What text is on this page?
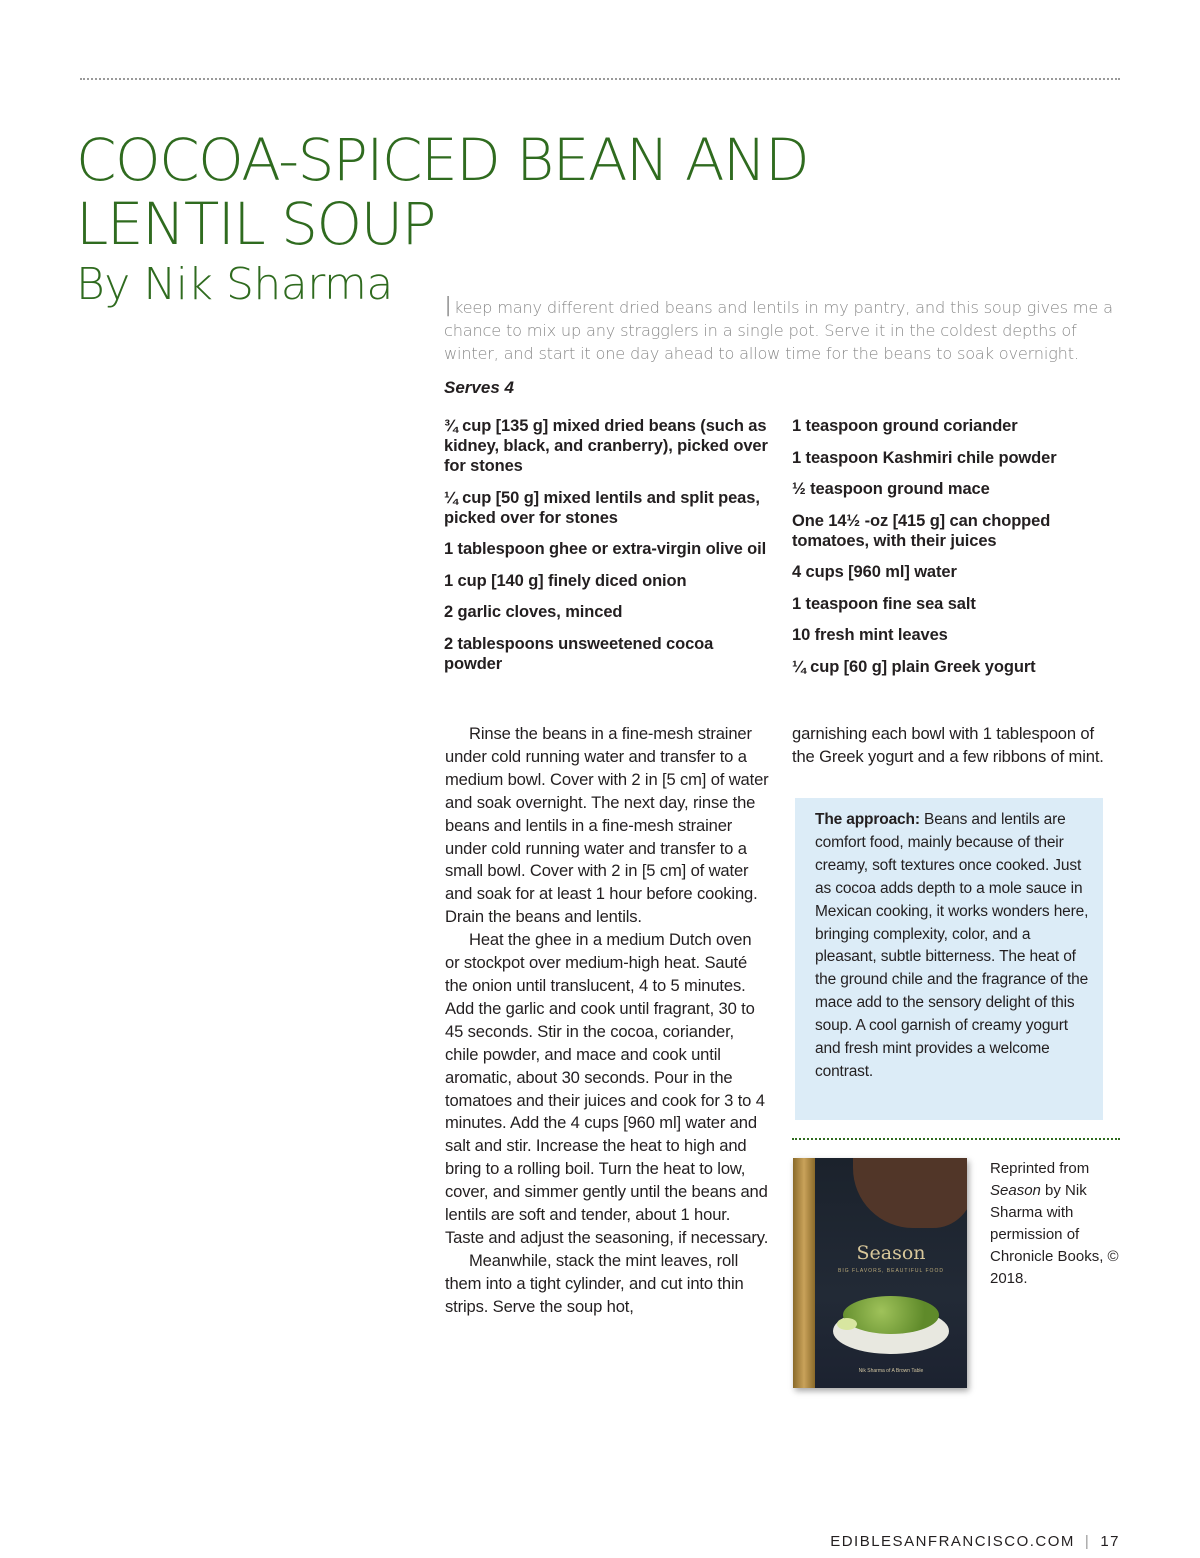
COCOA-SPICED BEAN AND
LENTIL SOUP
By Nik Sharma Ikeep many different dried beans and lentils in my pantry, and this soup gives me a chance to mix up any stragglers in a single pot. Serve it in the coldest depths of winter, and start it one day ahead to allow time for the beans to soak overnight.
Serves 4
¾ cup [135 g] mixed dried beans (such as kidney, black, and cranberry), picked over for stones
¼ cup [50 g] mixed lentils and split peas, picked over for stones
1 tablespoon ghee or extra-virgin olive oil
1 cup [140 g] finely diced onion
2 garlic cloves, minced
2 tablespoons unsweetened cocoa powder
1 teaspoon ground coriander
1 teaspoon Kashmiri chile powder
½ teaspoon ground mace
One 14½ -oz [415 g] can chopped tomatoes, with their juices
4 cups [960 ml] water
1 teaspoon fine sea salt
10 fresh mint leaves
¼ cup [60 g] plain Greek yogurt

Rinse the beans in a fine-mesh strainer under cold running water and transfer to a medium bowl. Cover with 2 in [5 cm] of water and soak overnight. The next day, rinse the beans and lentils in a fine-mesh strainer under cold running water and transfer to a small bowl. Cover with 2 in [5 cm] of water and soak for at least 1 hour before cooking. Drain the beans and lentils.

Heat the ghee in a medium Dutch oven or stockpot over medium-high heat. Sauté the onion until translucent, 4 to 5 minutes. Add the garlic and cook until fragrant, 30 to 45 seconds. Stir in the cocoa, coriander, chile powder, and mace and cook until aromatic, about 30 seconds. Pour in the tomatoes and their juices and cook for 3 to 4 minutes. Add the 4 cups [960 ml] water and salt and stir. Increase the heat to high and bring to a rolling boil. Turn the heat to low, cover, and simmer gently until the beans and lentils are soft and tender, about 1 hour. Taste and adjust the seasoning, if necessary.

Meanwhile, stack the mint leaves, roll them into a tight cylinder, and cut into thin strips. Serve the soup hot,

garnishing each bowl with 1 tablespoon of the Greek yogurt and a few ribbons of mint.
The approach: Beans and lentils are comfort food, mainly because of their creamy, soft textures once cooked. Just as cocoa adds depth to a mole sauce in Mexican cooking, it works wonders here, bringing complexity, color, and a pleasant, subtle bitterness. The heat of the ground chile and the fragrance of the mace add to the sensory delight of this soup. A cool garnish of creamy yogurt and fresh mint provides a welcome contrast.
Season
BIG FLAVORS, BEAUTIFUL FOOD
Nik Sharma of A Brown Table
Reprinted from Season by Nik Sharma with permission of Chronicle Books, © 2018.
EDIBLESANFRANCISCO.COM | 17
